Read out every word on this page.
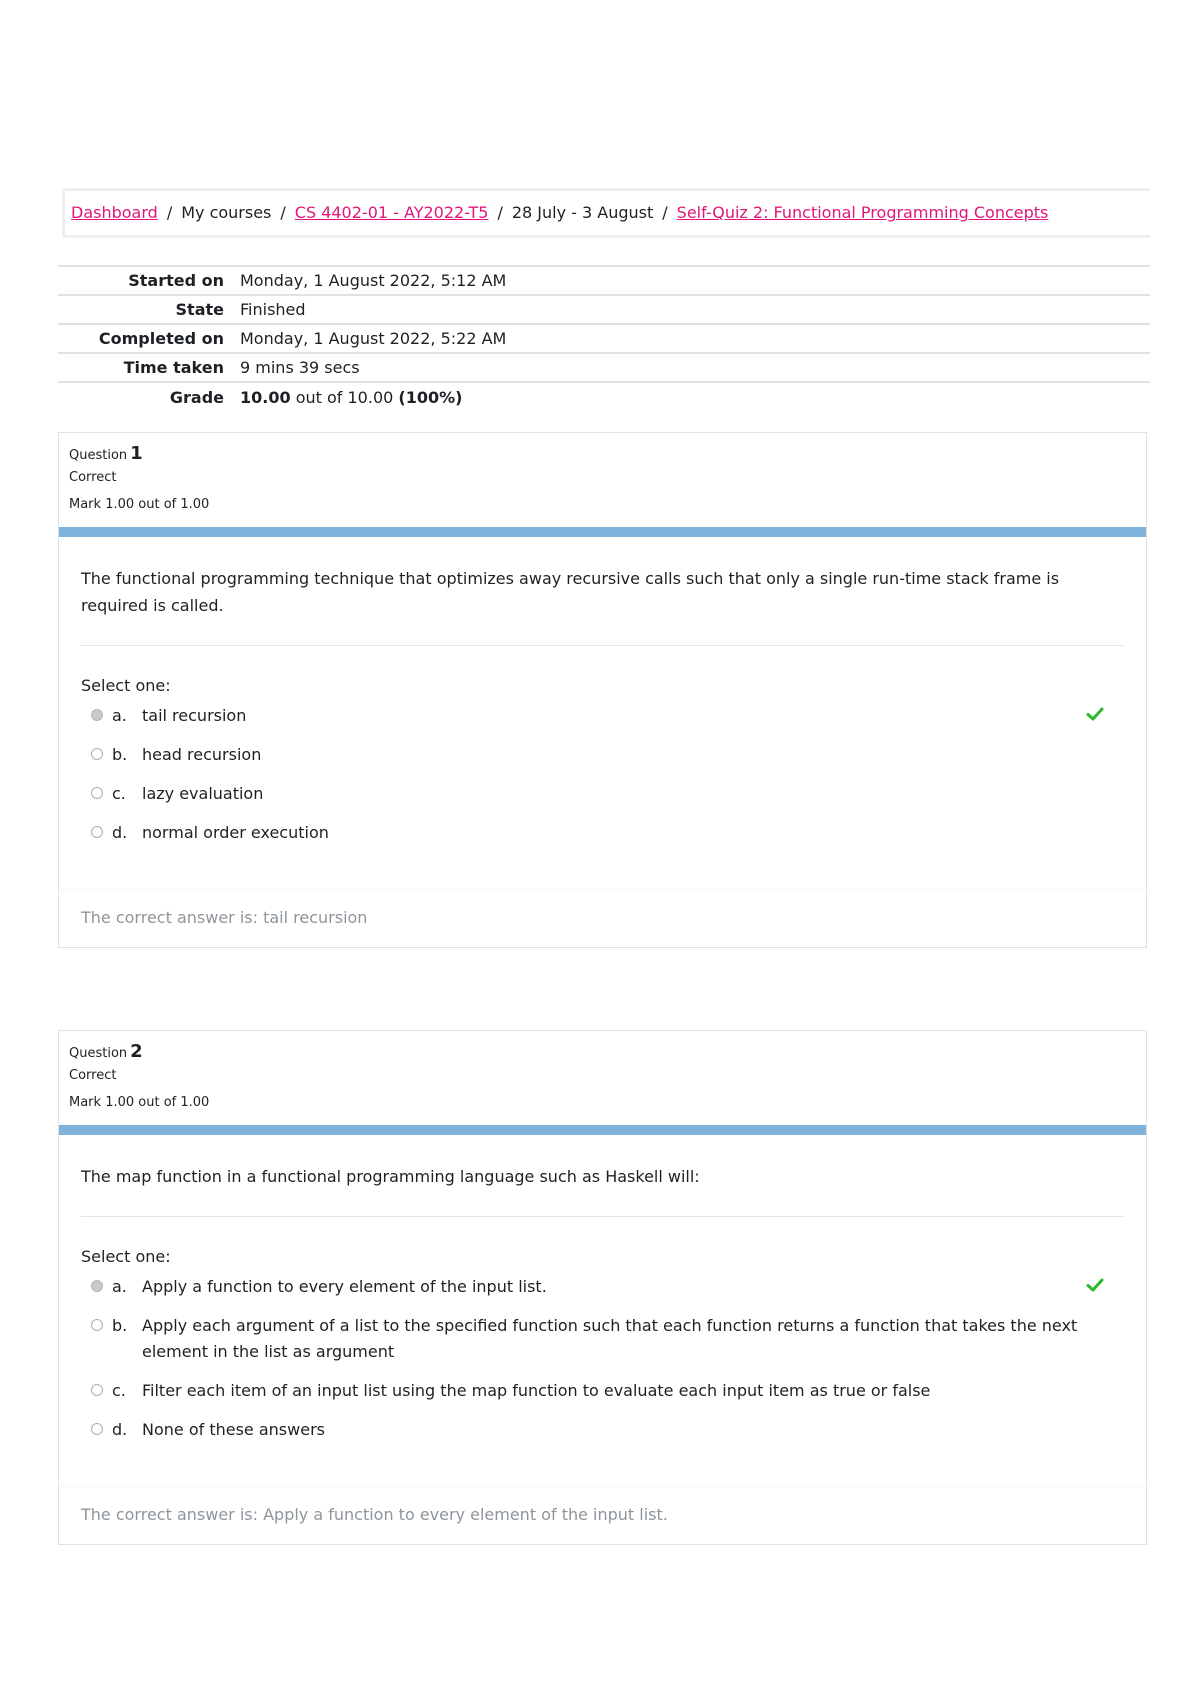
Dashboard / My courses / CS 4402-01 - AY2022-T5 / 28 July - 3 August / Self-Quiz 2: Functional Programming Concepts
Started on	Monday, 1 August 2022, 5:12 AM
State	Finished
Completed on	Monday, 1 August 2022, 5:22 AM
Time taken	9 mins 39 secs
Grade	10.00 out of 10.00 (100%)
Question 1
Correct
Mark 1.00 out of 1.00
The functional programming technique that optimizes away recursive calls such that only a single run-time stack frame is required is called.
Select one:
a. tail recursion
b. head recursion
c.	lazy evaluation
d. normal order execution
The correct answer is: tail recursion
Question 2
Correct
Mark 1.00 out of 1.00
The map function in a functional programming language such as Haskell will:
Select one:
a. Apply a function to every element of the input list.
b. Apply each argument of a list to the specified function such that each function returns a function that takes the next element in the list as argument
c.	Filter each item of an input list using the map function to evaluate each input item as true or false
d. None of these answers
The correct answer is: Apply a function to every element of the input list.
